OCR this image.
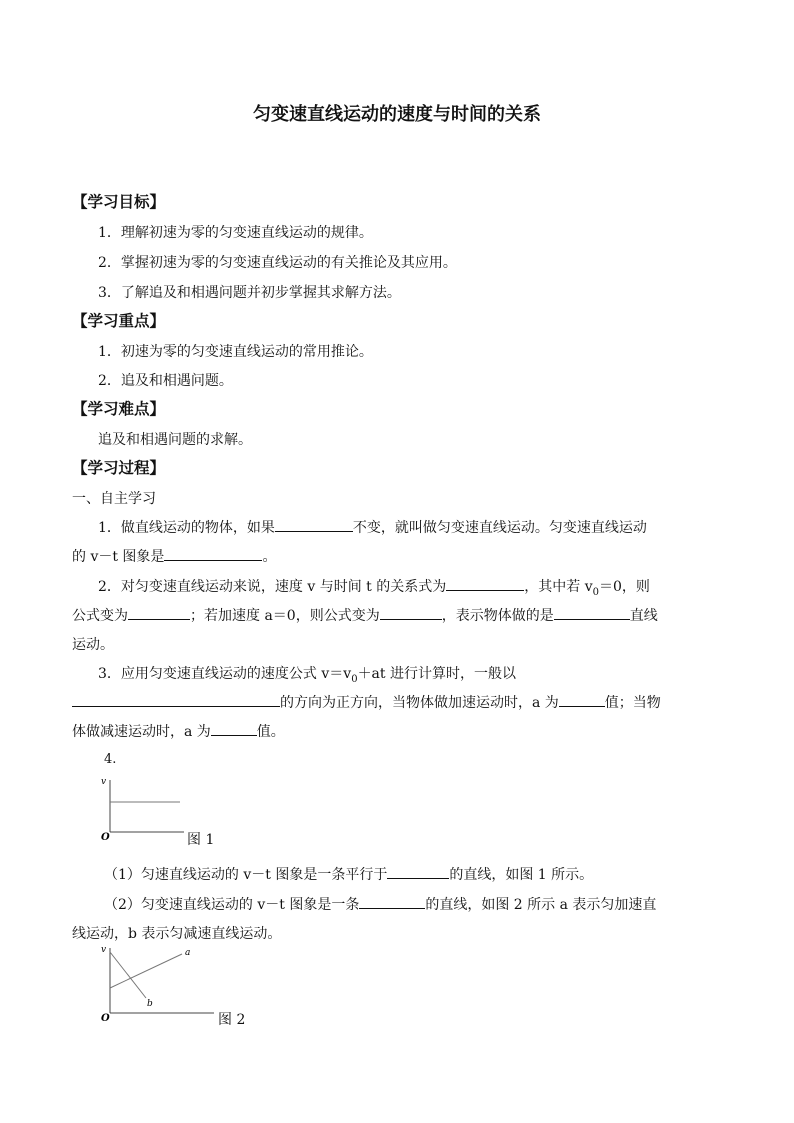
匀变速直线运动的速度与时间的关系
【学习目标】
1．理解初速为零的匀变速直线运动的规律。
2．掌握初速为零的匀变速直线运动的有关推论及其应用。
3．了解追及和相遇问题并初步掌握其求解方法。
【学习重点】
1．初速为零的匀变速直线运动的常用推论。
2．追及和相遇问题。
【学习难点】
追及和相遇问题的求解。
【学习过程】
一、自主学习
1．做直线运动的物体，如果	不变，就叫做匀变速直线运动。匀变速直线运动
的 v－t 图象是	。
2．对匀变速直线运动来说，速度 v 与时间 t 的关系式为	，其中若 $v_0=0$，则
公式变为	；若加速度 a＝0，则公式变为	，表示物体做的是	直线
运动。
3．应用匀变速直线运动的速度公式 $v=v_0+at$ 进行计算时，一般以
的方向为正方向，当物体做加速运动时，a 为	值；当物
体做减速运动时，a 为	值。
4.
v
O	图 1
（1）匀速直线运动的 v－t 图象是一条平行于	的直线，如图 1 所示。
（2）匀变速直线运动的 v－t 图象是一条	的直线，如图 2 所示 a 表示匀加速直
线运动，b 表示匀减速直线运动。
v
O
a
b
图 2
